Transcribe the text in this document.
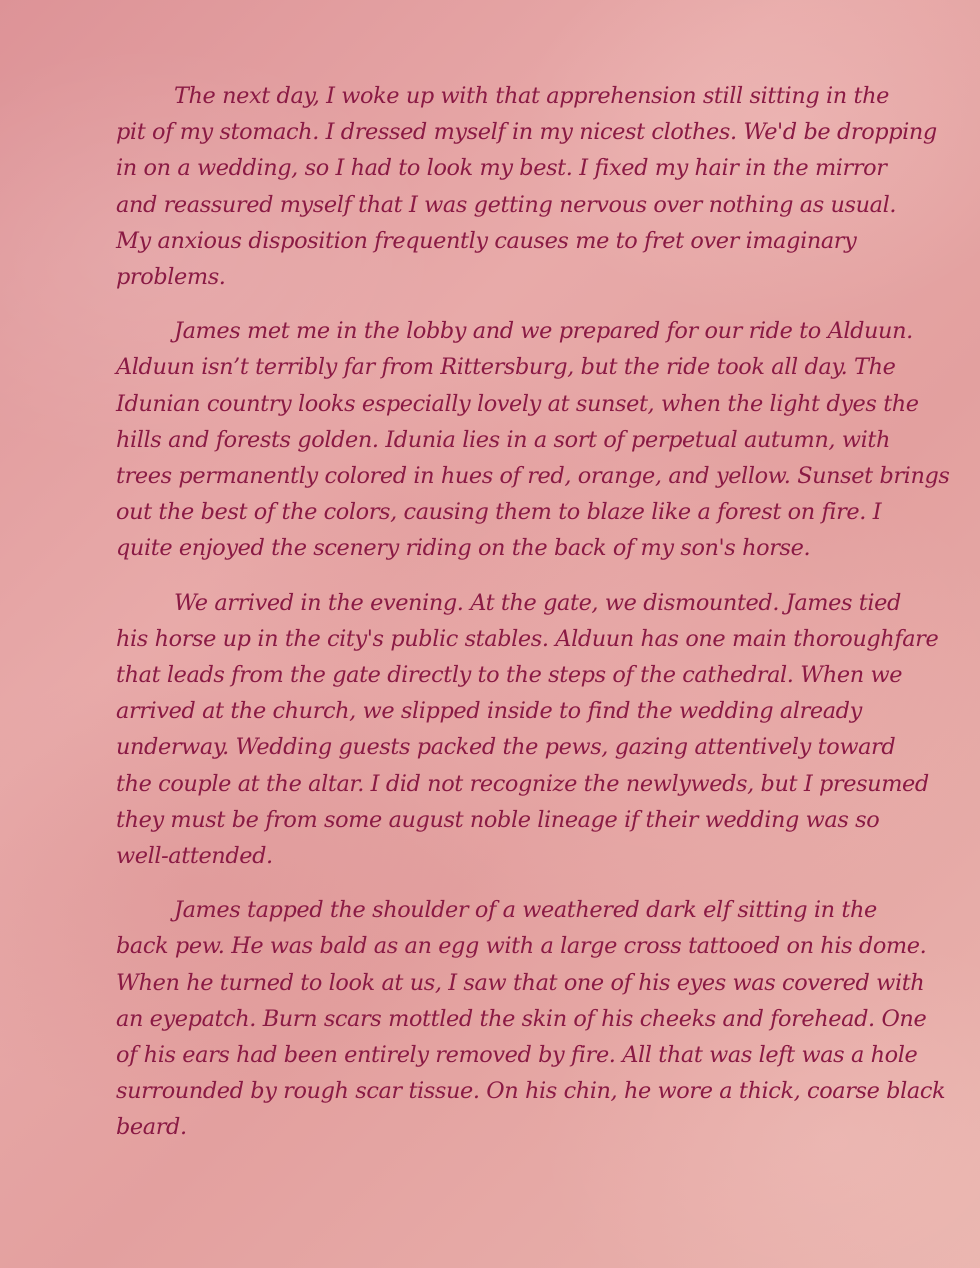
The next day, I woke up with that apprehension still sitting in the
pit of my stomach. I dressed myself in my nicest clothes. We'd be dropping
in on a wedding, so I had to look my best. I fixed my hair in the mirror
and reassured myself that I was getting nervous over nothing as usual.
My anxious disposition frequently causes me to fret over imaginary
problems.

James met me in the lobby and we prepared for our ride to Alduun.
Alduun isn’t terribly far from Rittersburg, but the ride took all day. The
Idunian country looks especially lovely at sunset, when the light dyes the
hills and forests golden. Idunia lies in a sort of perpetual autumn, with
trees permanently colored in hues of red, orange, and yellow. Sunset brings
out the best of the colors, causing them to blaze like a forest on fire. I
quite enjoyed the scenery riding on the back of my son's horse.

We arrived in the evening. At the gate, we dismounted. James tied
his horse up in the city's public stables. Alduun has one main thoroughfare
that leads from the gate directly to the steps of the cathedral. When we
arrived at the church, we slipped inside to find the wedding already
underway. Wedding guests packed the pews, gazing attentively toward
the couple at the altar. I did not recognize the newlyweds, but I presumed
they must be from some august noble lineage if their wedding was so
well-attended.

James tapped the shoulder of a weathered dark elf sitting in the
back pew. He was bald as an egg with a large cross tattooed on his dome.
When he turned to look at us, I saw that one of his eyes was covered with
an eyepatch. Burn scars mottled the skin of his cheeks and forehead. One
of his ears had been entirely removed by fire. All that was left was a hole
surrounded by rough scar tissue. On his chin, he wore a thick, coarse black
beard.
